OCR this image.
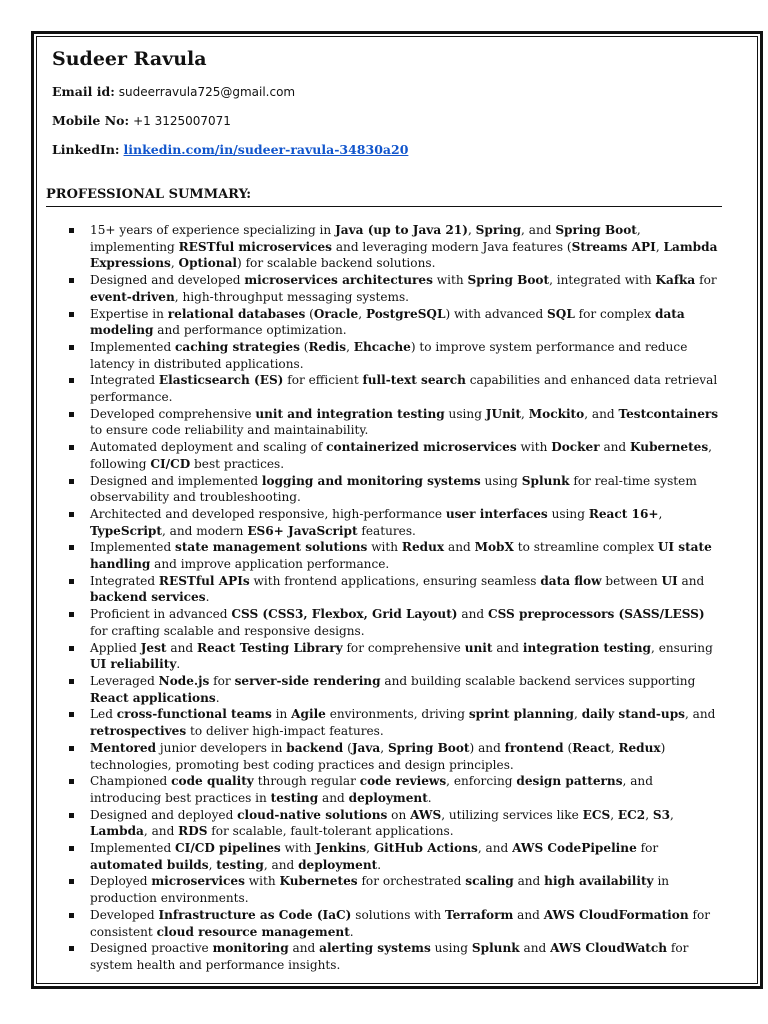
Sudeer Ravula
Email id: sudeerravula725@gmail.com
Mobile No: +1 3125007071
LinkedIn: linkedin.com/in/sudeer-ravula-34830a20
PROFESSIONAL SUMMARY:
15+ years of experience specializing in Java (up to Java 21), Spring, and Spring Boot, implementing RESTful microservices and leveraging modern Java features (Streams API, Lambda Expressions, Optional) for scalable backend solutions.
Designed and developed microservices architectures with Spring Boot, integrated with Kafka for event-driven, high-throughput messaging systems.
Expertise in relational databases (Oracle, PostgreSQL) with advanced SQL for complex data modeling and performance optimization.
Implemented caching strategies (Redis, Ehcache) to improve system performance and reduce latency in distributed applications.
Integrated Elasticsearch (ES) for efficient full-text search capabilities and enhanced data retrieval performance.
Developed comprehensive unit and integration testing using JUnit, Mockito, and Testcontainers to ensure code reliability and maintainability.
Automated deployment and scaling of containerized microservices with Docker and Kubernetes, following CI/CD best practices.
Designed and implemented logging and monitoring systems using Splunk for real-time system observability and troubleshooting.
Architected and developed responsive, high-performance user interfaces using React 16+, TypeScript, and modern ES6+ JavaScript features.
Implemented state management solutions with Redux and MobX to streamline complex UI state handling and improve application performance.
Integrated RESTful APIs with frontend applications, ensuring seamless data flow between UI and backend services.
Proficient in advanced CSS (CSS3, Flexbox, Grid Layout) and CSS preprocessors (SASS/LESS) for crafting scalable and responsive designs.
Applied Jest and React Testing Library for comprehensive unit and integration testing, ensuring UI reliability.
Leveraged Node.js for server-side rendering and building scalable backend services supporting React applications.
Led cross-functional teams in Agile environments, driving sprint planning, daily stand-ups, and retrospectives to deliver high-impact features.
Mentored junior developers in backend (Java, Spring Boot) and frontend (React, Redux) technologies, promoting best coding practices and design principles.
Championed code quality through regular code reviews, enforcing design patterns, and introducing best practices in testing and deployment.
Designed and deployed cloud-native solutions on AWS, utilizing services like ECS, EC2, S3, Lambda, and RDS for scalable, fault-tolerant applications.
Implemented CI/CD pipelines with Jenkins, GitHub Actions, and AWS CodePipeline for automated builds, testing, and deployment.
Deployed microservices with Kubernetes for orchestrated scaling and high availability in production environments.
Developed Infrastructure as Code (IaC) solutions with Terraform and AWS CloudFormation for consistent cloud resource management.
Designed proactive monitoring and alerting systems using Splunk and AWS CloudWatch for system health and performance insights.
